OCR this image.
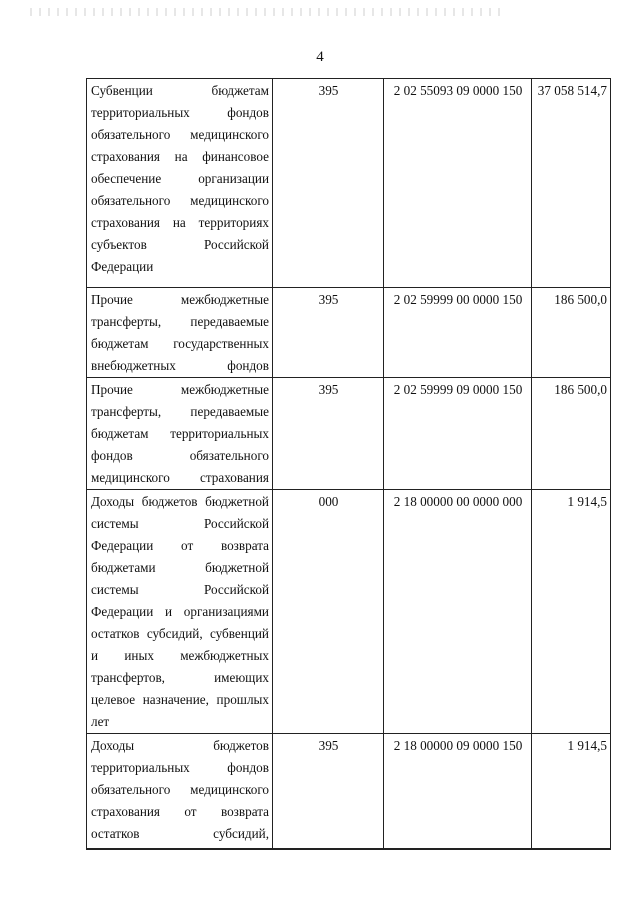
4
Субвенции бюджетам территориальных фондов обязательного медицинского страхования на финансовое обеспечение организации обязательного медицинского страхования на территориях субъектов Российской Федерации	395	2 02 55093 09 0000 150	37 058 514,7
Прочие межбюджетные трансферты, передаваемые бюджетам государственных внебюджетных фондов	395	2 02 59999 00 0000 150	186 500,0
Прочие межбюджетные трансферты, передаваемые бюджетам территориальных фондов обязательного медицинского страхования	395	2 02 59999 09 0000 150	186 500,0
Доходы бюджетов бюджетной системы Российской Федерации от возврата бюджетами бюджетной системы Российской Федерации и организациями остатков субсидий, субвенций и иных межбюджетных трансфертов, имеющих целевое назначение, прошлых лет	000	2 18 00000 00 0000 000	1 914,5
Доходы бюджетов территориальных фондов обязательного медицинского страхования от возврата остатков субсидий,	395	2 18 00000 09 0000 150	1 914,5
